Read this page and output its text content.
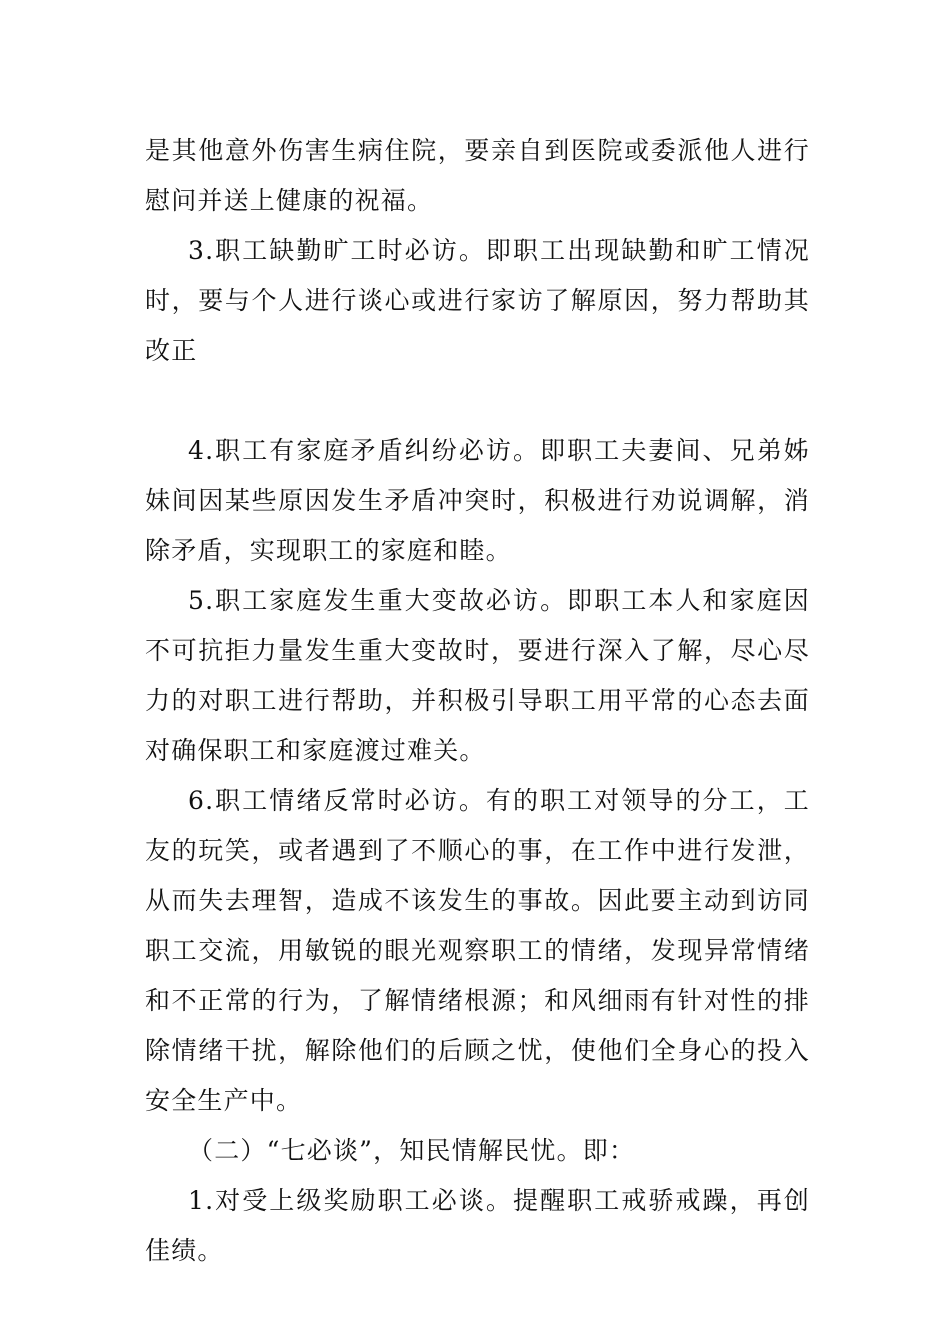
是其他意外伤害生病住院，要亲自到医院或委派他人进行慰问并送上健康的祝福。

3.职工缺勤旷工时必访。即职工出现缺勤和旷工情况时，要与个人进行谈心或进行家访了解原因，努力帮助其改正

4.职工有家庭矛盾纠纷必访。即职工夫妻间、兄弟姊妹间因某些原因发生矛盾冲突时，积极进行劝说调解，消除矛盾，实现职工的家庭和睦。

5.职工家庭发生重大变故必访。即职工本人和家庭因不可抗拒力量发生重大变故时，要进行深入了解，尽心尽力的对职工进行帮助，并积极引导职工用平常的心态去面对确保职工和家庭渡过难关。

6.职工情绪反常时必访。有的职工对领导的分工，工友的玩笑，或者遇到了不顺心的事，在工作中进行发泄，从而失去理智，造成不该发生的事故。因此要主动到访同职工交流，用敏锐的眼光观察职工的情绪，发现异常情绪和不正常的行为，了解情绪根源；和风细雨有针对性的排除情绪干扰，解除他们的后顾之忧，使他们全身心的投入安全生产中。

（二）“七必谈”，知民情解民忧。即：

1.对受上级奖励职工必谈。提醒职工戒骄戒躁，再创佳绩。
